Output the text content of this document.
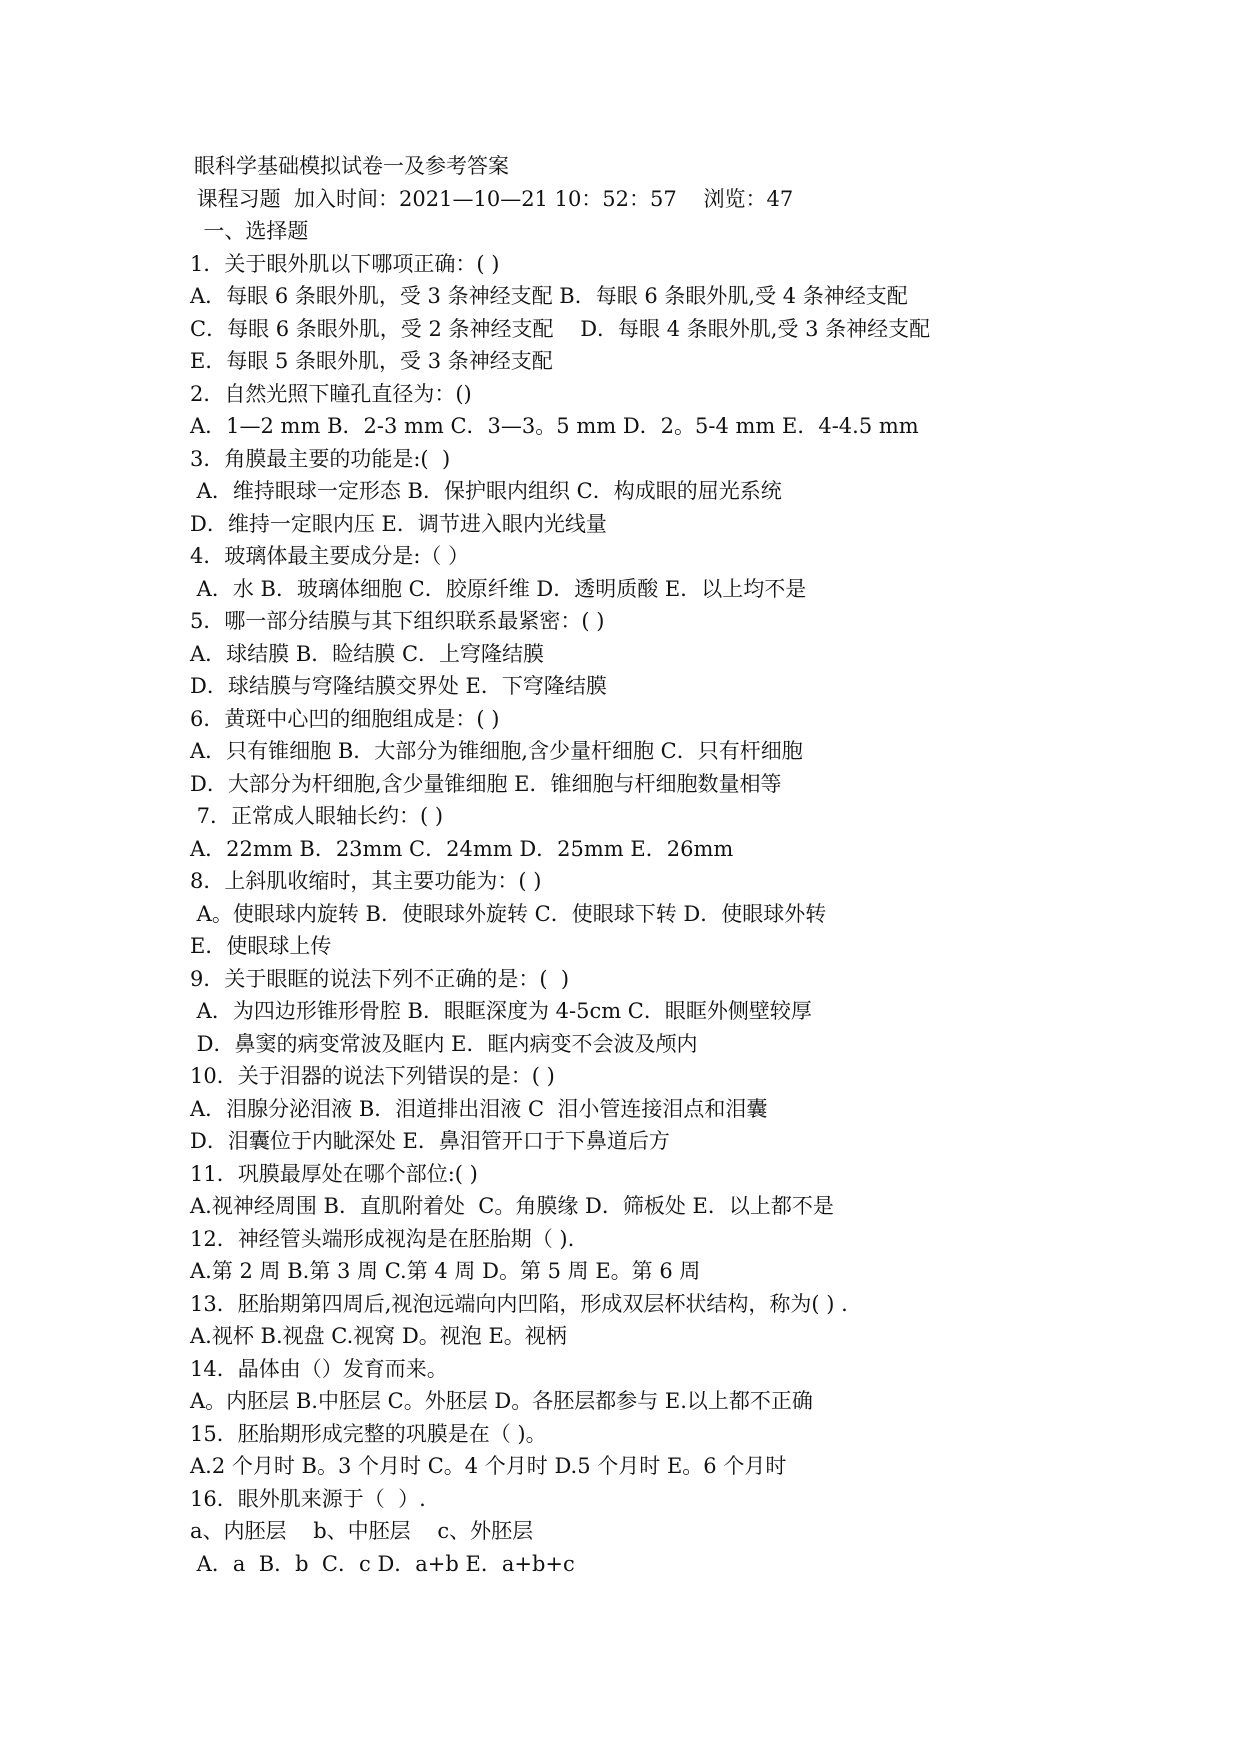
眼科学基础模拟试卷一及参考答案
课程习题  加入时间：2021—10—21 10：52：57    浏览：47
一、选择题
1．关于眼外肌以下哪项正确：( )
A．每眼 6 条眼外肌，受 3 条神经支配 B．每眼 6 条眼外肌,受 4 条神经支配
C．每眼 6 条眼外肌，受 2 条神经支配    D．每眼 4 条眼外肌,受 3 条神经支配
E．每眼 5 条眼外肌，受 3 条神经支配
2．自然光照下瞳孔直径为：()
A．1—2 mm B．2-3 mm C．3—3。5 mm D．2。5-4 mm E．4-4.5 mm
3．角膜最主要的功能是:(  )
A．维持眼球一定形态 B．保护眼内组织 C．构成眼的屈光系统
D．维持一定眼内压 E．调节进入眼内光线量
4．玻璃体最主要成分是:（ ）
A．水 B．玻璃体细胞 C．胶原纤维 D．透明质酸 E．以上均不是
5．哪一部分结膜与其下组织联系最紧密：( )
A．球结膜 B．睑结膜 C．上穹隆结膜
D．球结膜与穹隆结膜交界处 E．下穹隆结膜
6．黄斑中心凹的细胞组成是：( )
A．只有锥细胞 B．大部分为锥细胞,含少量杆细胞 C．只有杆细胞
D．大部分为杆细胞,含少量锥细胞 E．锥细胞与杆细胞数量相等
7．正常成人眼轴长约：( )
A．22mm B．23mm C．24mm D．25mm E．26mm
8．上斜肌收缩时，其主要功能为：( )
A。使眼球内旋转 B．使眼球外旋转 C．使眼球下转 D．使眼球外转
E．使眼球上传
9．关于眼眶的说法下列不正确的是：(  )
A．为四边形锥形骨腔 B．眼眶深度为 4-5cm C．眼眶外侧壁较厚
D．鼻窦的病变常波及眶内 E．眶内病变不会波及颅内
10．关于泪器的说法下列错误的是：( )
A．泪腺分泌泪液 B．泪道排出泪液 C  泪小管连接泪点和泪囊
D．泪囊位于内眦深处 E．鼻泪管开口于下鼻道后方
11．巩膜最厚处在哪个部位:( )
A.视神经周围 B．直肌附着处  C。角膜缘 D．筛板处 E．以上都不是
12．神经管头端形成视沟是在胚胎期（ ).
A.第 2 周 B.第 3 周 C.第 4 周 D。第 5 周 E。第 6 周
13．胚胎期第四周后,视泡远端向内凹陷，形成双层杯状结构，称为( ) .
A.视杯 B.视盘 C.视窝 D。视泡 E。视柄
14．晶体由（）发育而来。
A。内胚层 B.中胚层 C。外胚层 D。各胚层都参与 E.以上都不正确
15．胚胎期形成完整的巩膜是在（ )。
A.2 个月时 B。3 个月时 C。4 个月时 D.5 个月时 E。6 个月时
16．眼外肌来源于（  ）.
a、内胚层    b、中胚层    c、外胚层
A．a  B．b  C．c D．a+b E．a+b+c
